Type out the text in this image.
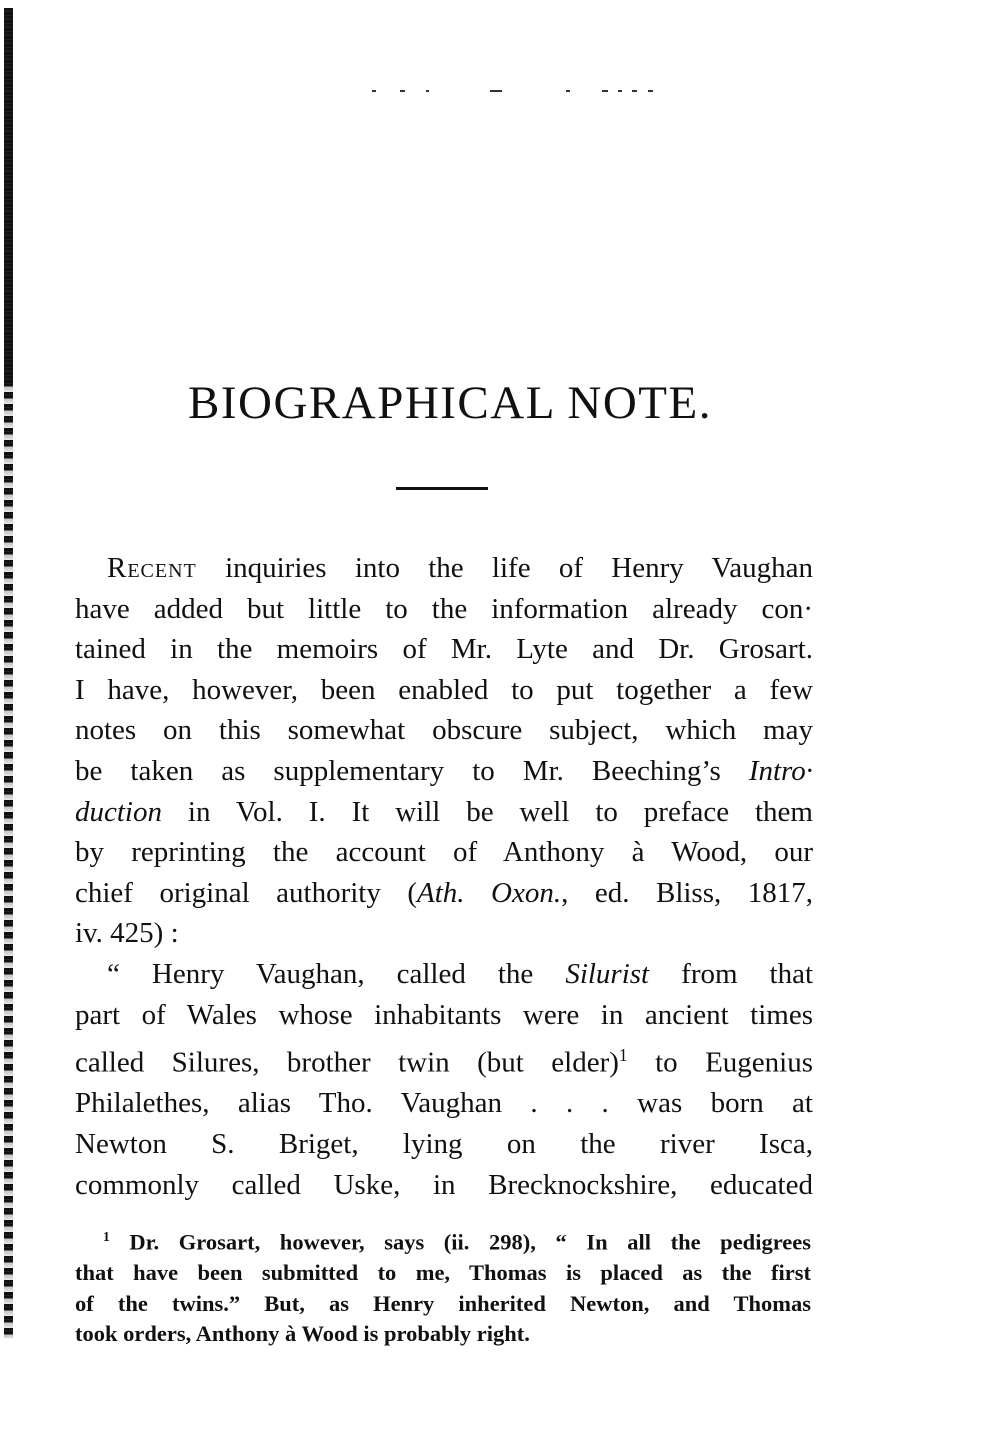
BIOGRAPHICAL NOTE.
Recent inquiries into the life of Henry Vaughan
have added but little to the information already con·
tained in the memoirs of Mr. Lyte and Dr. Grosart.
I have, however, been enabled to put together a few
notes on this somewhat obscure subject, which may
be taken as supplementary to Mr. Beeching’s Intro·
duction in Vol. I. It will be well to preface them
by reprinting the account of Anthony à Wood, our
chief original authority (Ath. Oxon., ed. Bliss, 1817,
iv. 425) :
“ Henry Vaughan, called the Silurist from that
part of Wales whose inhabitants were in ancient times
called Silures, brother twin (but elder)$^1$ to Eugenius
Philalethes, alias Tho. Vaughan . . . was born at
Newton S. Briget, lying on the river Isca,
commonly called Uske, in Brecknockshire, educated
$^1$ Dr. Grosart, however, says (ii. 298), “ In all the pedigrees
that have been submitted to me, Thomas is placed as the first
of the twins.” But, as Henry inherited Newton, and Thomas
took orders, Anthony à Wood is probably right.
